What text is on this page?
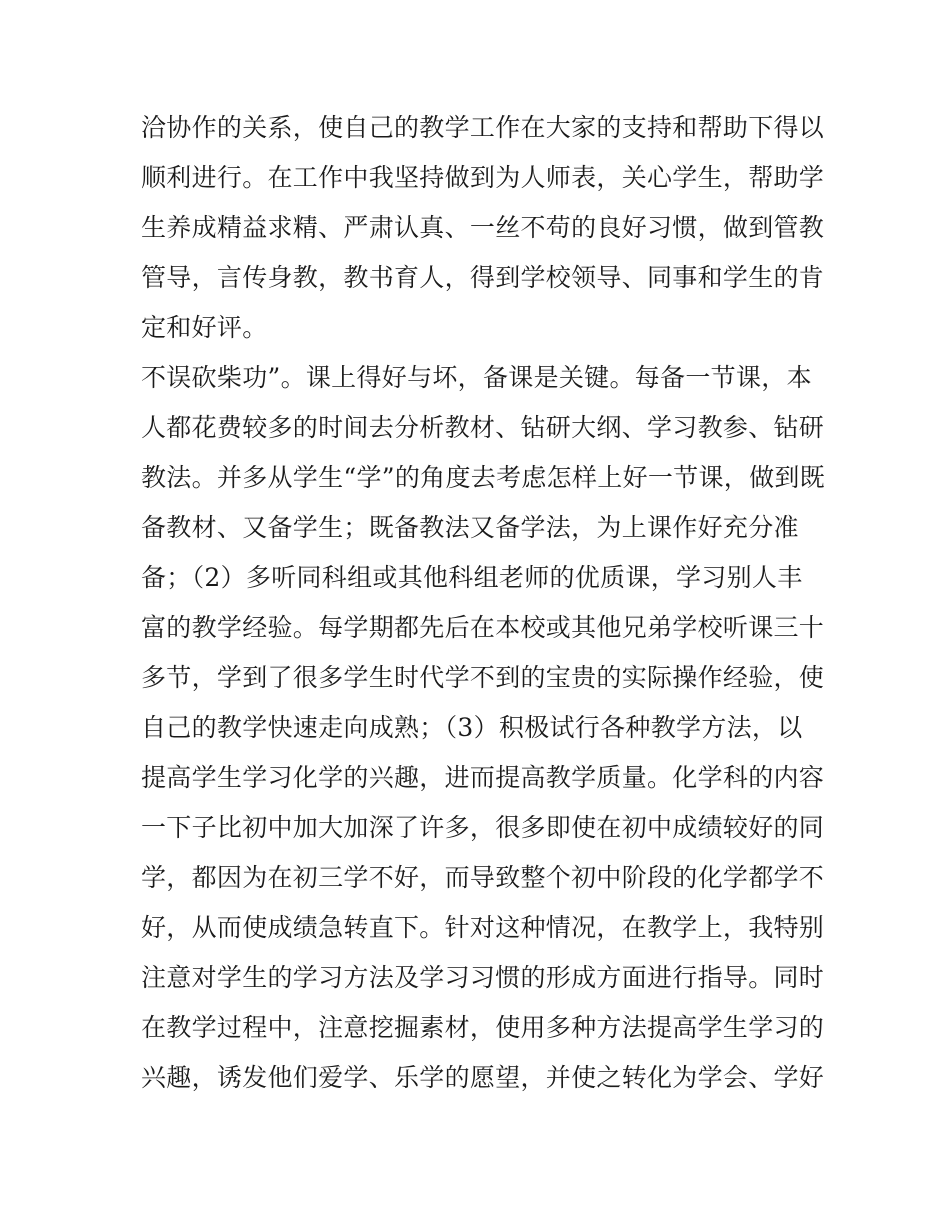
洽协作的关系，使自己的教学工作在大家的支持和帮助下得以
顺利进行。在工作中我坚持做到为人师表，关心学生，帮助学
生养成精益求精、严肃认真、一丝不苟的良好习惯，做到管教
管导，言传身教，教书育人，得到学校领导、同事和学生的肯
定和好评。
不误砍柴功”。课上得好与坏，备课是关键。每备一节课，本
人都花费较多的时间去分析教材、钻研大纲、学习教参、钻研
教法。并多从学生“学”的角度去考虑怎样上好一节课，做到既
备教材、又备学生；既备教法又备学法，为上课作好充分准
备；（2）多听同科组或其他科组老师的优质课，学习别人丰
富的教学经验。每学期都先后在本校或其他兄弟学校听课三十
多节，学到了很多学生时代学不到的宝贵的实际操作经验，使
自己的教学快速走向成熟；（3）积极试行各种教学方法，以
提高学生学习化学的兴趣，进而提高教学质量。化学科的内容
一下子比初中加大加深了许多，很多即使在初中成绩较好的同
学，都因为在初三学不好，而导致整个初中阶段的化学都学不
好，从而使成绩急转直下。针对这种情况，在教学上，我特别
注意对学生的学习方法及学习习惯的形成方面进行指导。同时
在教学过程中，注意挖掘素材，使用多种方法提高学生学习的
兴趣，诱发他们爱学、乐学的愿望，并使之转化为学会、学好
